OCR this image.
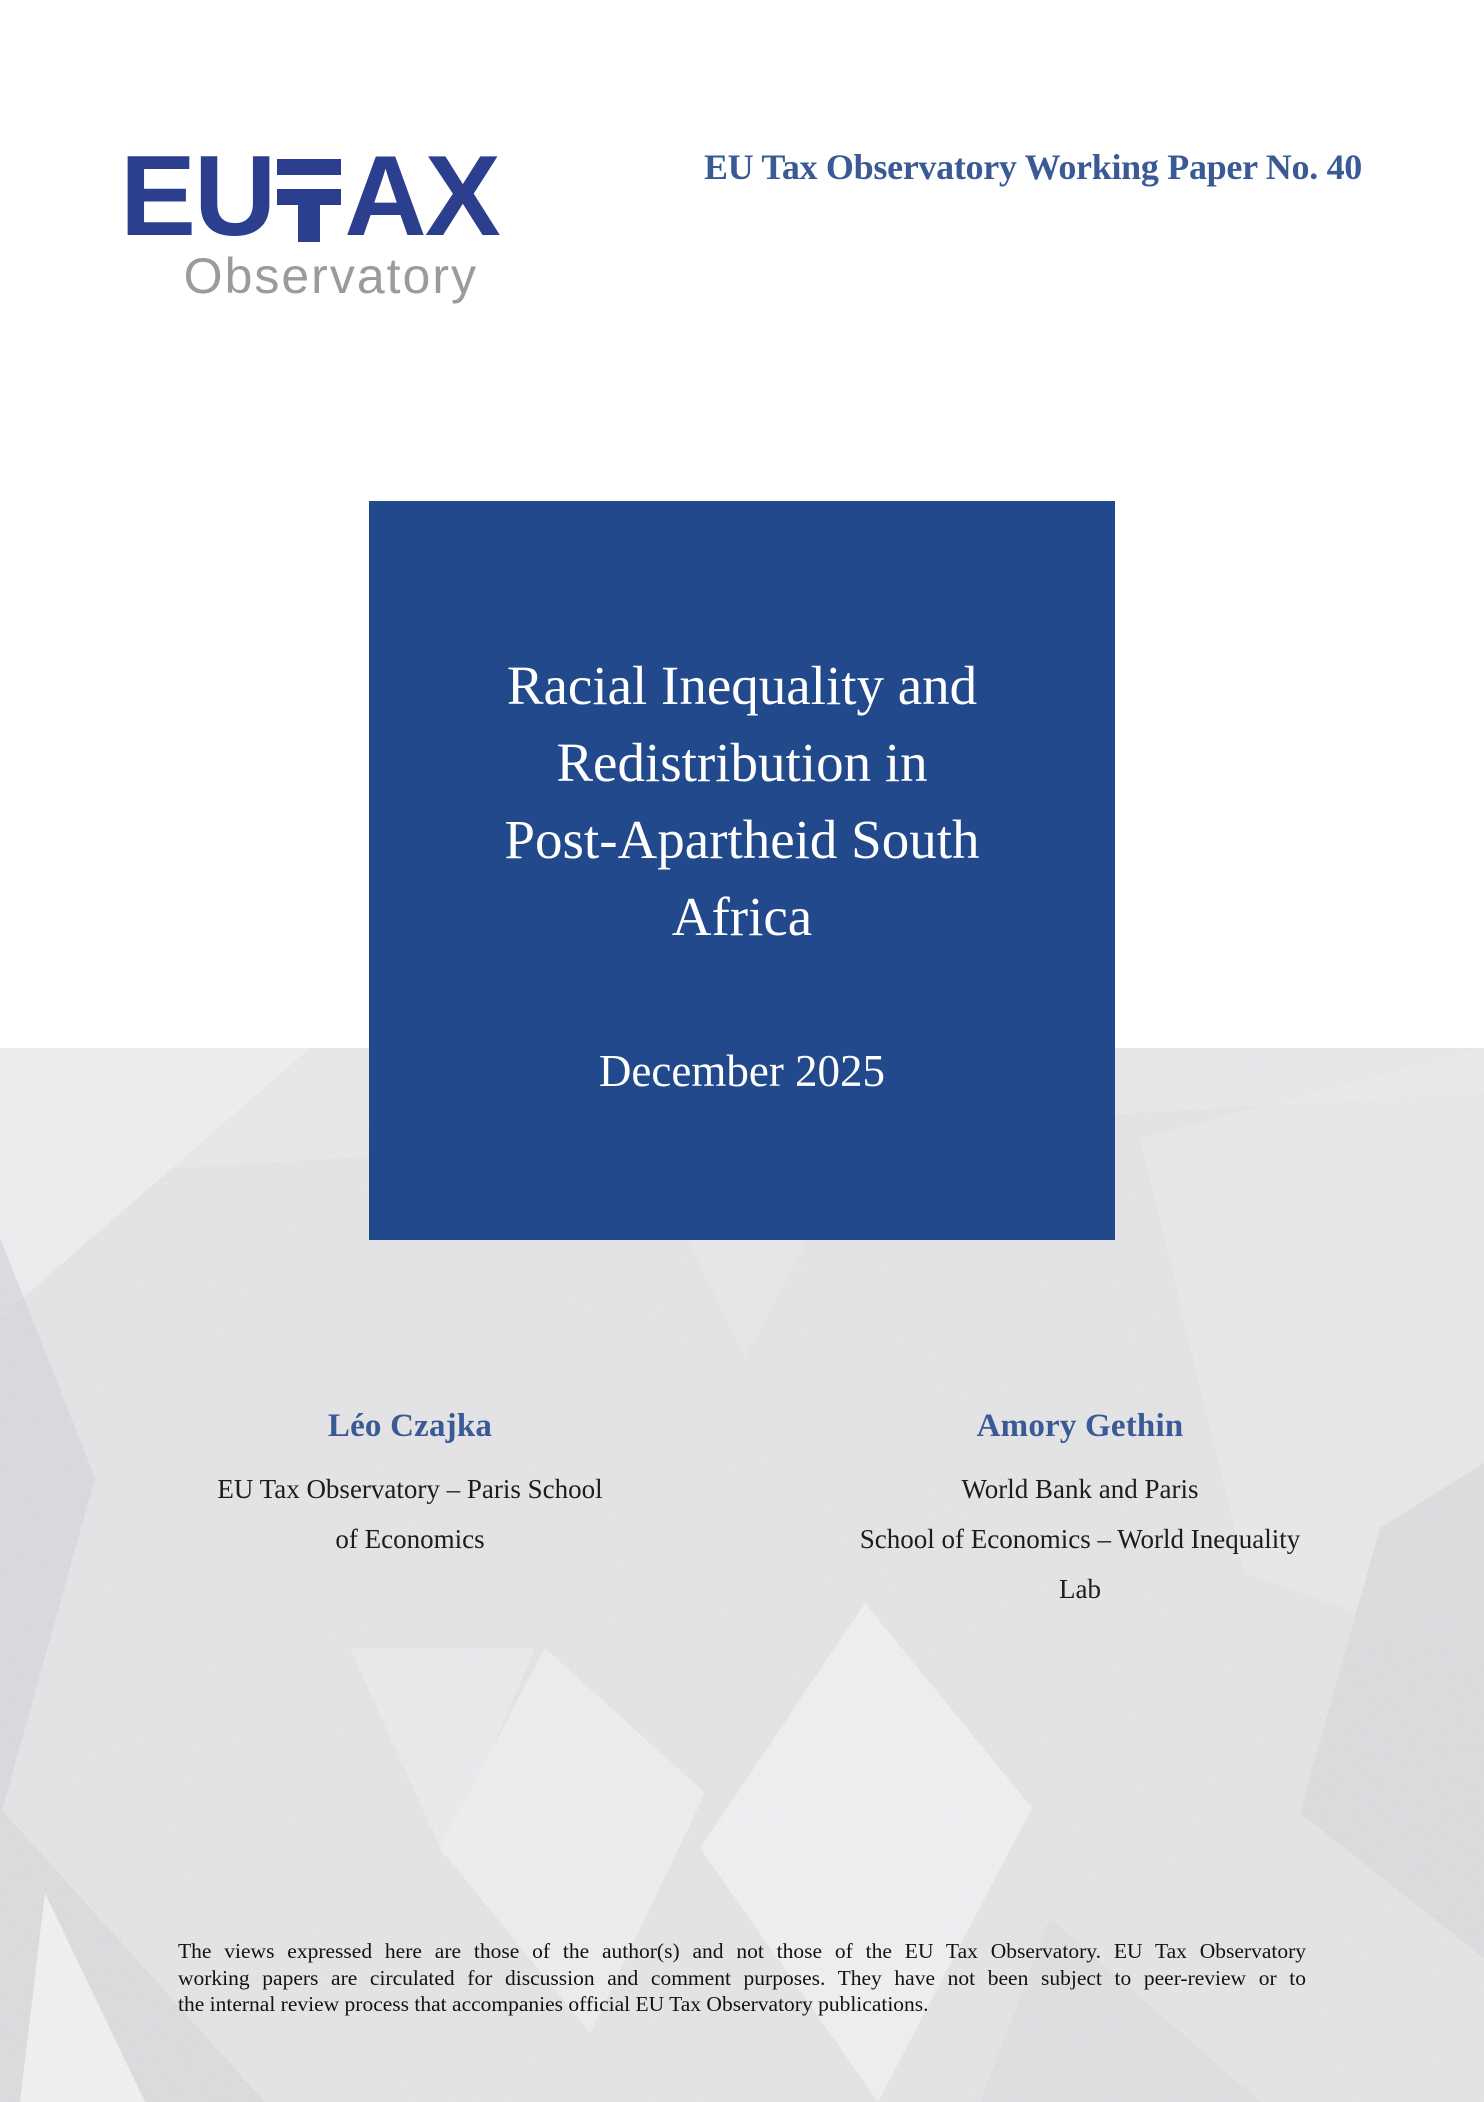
EU AX
Observatory
EU Tax Observatory Working Paper No. 40
Racial Inequality and
Redistribution in
Post-Apartheid South
Africa
December 2025
Léo Czajka
EU Tax Observatory – Paris School
of Economics
Amory Gethin
World Bank and Paris
School of Economics – World Inequality
Lab
The views expressed here are those of the author(s) and not those of the EU Tax Observatory. EU Tax Observatory
working papers are circulated for discussion and comment purposes. They have not been subject to peer-review or to
the internal review process that accompanies official EU Tax Observatory publications.
